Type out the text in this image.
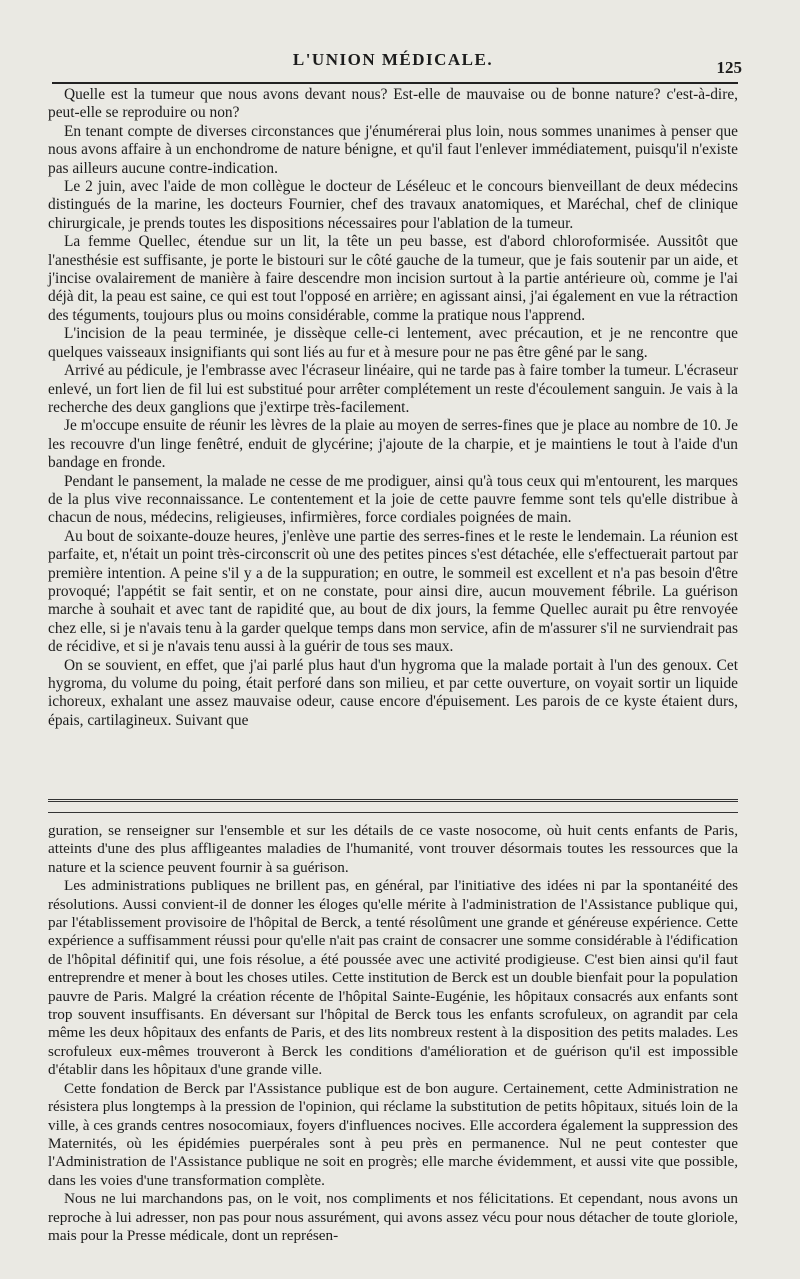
L'UNION MÉDICALE.	125

Quelle est la tumeur que nous avons devant nous? Est-elle de mauvaise ou de bonne nature? c'est-à-dire, peut-elle se reproduire ou non?

En tenant compte de diverses circonstances que j'énumérerai plus loin, nous sommes unanimes à penser que nous avons affaire à un enchondrome de nature bénigne, et qu'il faut l'enlever immédiatement, puisqu'il n'existe pas ailleurs aucune contre-indication.

Le 2 juin, avec l'aide de mon collègue le docteur de Léséleuc et le concours bienveillant de deux médecins distingués de la marine, les docteurs Fournier, chef des travaux anatomiques, et Maréchal, chef de clinique chirurgicale, je prends toutes les dispositions nécessaires pour l'ablation de la tumeur.

La femme Quellec, étendue sur un lit, la tête un peu basse, est d'abord chloroformisée. Aussitôt que l'anesthésie est suffisante, je porte le bistouri sur le côté gauche de la tumeur, que je fais soutenir par un aide, et j'incise ovalairement de manière à faire descendre mon incision surtout à la partie antérieure où, comme je l'ai déjà dit, la peau est saine, ce qui est tout l'opposé en arrière; en agissant ainsi, j'ai également en vue la rétraction des téguments, toujours plus ou moins considérable, comme la pratique nous l'apprend.

L'incision de la peau terminée, je dissèque celle-ci lentement, avec précaution, et je ne rencontre que quelques vaisseaux insignifiants qui sont liés au fur et à mesure pour ne pas être gêné par le sang.

Arrivé au pédicule, je l'embrasse avec l'écraseur linéaire, qui ne tarde pas à faire tomber la tumeur. L'écraseur enlevé, un fort lien de fil lui est substitué pour arrêter complétement un reste d'écoulement sanguin. Je vais à la recherche des deux ganglions que j'extirpe très-facilement.

Je m'occupe ensuite de réunir les lèvres de la plaie au moyen de serres-fines que je place au nombre de 10. Je les recouvre d'un linge fenêtré, enduit de glycérine; j'ajoute de la charpie, et je maintiens le tout à l'aide d'un bandage en fronde.

Pendant le pansement, la malade ne cesse de me prodiguer, ainsi qu'à tous ceux qui m'entourent, les marques de la plus vive reconnaissance. Le contentement et la joie de cette pauvre femme sont tels qu'elle distribue à chacun de nous, médecins, religieuses, infirmières, force cordiales poignées de main.

Au bout de soixante-douze heures, j'enlève une partie des serres-fines et le reste le lendemain. La réunion est parfaite, et, n'était un point très-circonscrit où une des petites pinces s'est détachée, elle s'effectuerait partout par première intention. A peine s'il y a de la suppuration; en outre, le sommeil est excellent et n'a pas besoin d'être provoqué; l'appétit se fait sentir, et on ne constate, pour ainsi dire, aucun mouvement fébrile. La guérison marche à souhait et avec tant de rapidité que, au bout de dix jours, la femme Quellec aurait pu être renvoyée chez elle, si je n'avais tenu à la garder quelque temps dans mon service, afin de m'assurer s'il ne surviendrait pas de récidive, et si je n'avais tenu aussi à la guérir de tous ses maux.

On se souvient, en effet, que j'ai parlé plus haut d'un hygroma que la malade portait à l'un des genoux. Cet hygroma, du volume du poing, était perforé dans son milieu, et par cette ouverture, on voyait sortir un liquide ichoreux, exhalant une assez mauvaise odeur, cause encore d'épuisement. Les parois de ce kyste étaient durs, épais, cartilagineux. Suivant que

guration, se renseigner sur l'ensemble et sur les détails de ce vaste nosocome, où huit cents enfants de Paris, atteints d'une des plus affligeantes maladies de l'humanité, vont trouver désormais toutes les ressources que la nature et la science peuvent fournir à sa guérison.

Les administrations publiques ne brillent pas, en général, par l'initiative des idées ni par la spontanéité des résolutions. Aussi convient-il de donner les éloges qu'elle mérite à l'administration de l'Assistance publique qui, par l'établissement provisoire de l'hôpital de Berck, a tenté résolûment une grande et généreuse expérience. Cette expérience a suffisamment réussi pour qu'elle n'ait pas craint de consacrer une somme considérable à l'édification de l'hôpital définitif qui, une fois résolue, a été poussée avec une activité prodigieuse. C'est bien ainsi qu'il faut entreprendre et mener à bout les choses utiles. Cette institution de Berck est un double bienfait pour la population pauvre de Paris. Malgré la création récente de l'hôpital Sainte-Eugénie, les hôpitaux consacrés aux enfants sont trop souvent insuffisants. En déversant sur l'hôpital de Berck tous les enfants scrofuleux, on agrandit par cela même les deux hôpitaux des enfants de Paris, et des lits nombreux restent à la disposition des petits malades. Les scrofuleux eux-mêmes trouveront à Berck les conditions d'amélioration et de guérison qu'il est impossible d'établir dans les hôpitaux d'une grande ville.

Cette fondation de Berck par l'Assistance publique est de bon augure. Certainement, cette Administration ne résistera plus longtemps à la pression de l'opinion, qui réclame la substitution de petits hôpitaux, situés loin de la ville, à ces grands centres nosocomiaux, foyers d'influences nocives. Elle accordera également la suppression des Maternités, où les épidémies puerpérales sont à peu près en permanence. Nul ne peut contester que l'Administration de l'Assistance publique ne soit en progrès; elle marche évidemment, et aussi vite que possible, dans les voies d'une transformation complète.

Nous ne lui marchandons pas, on le voit, nos compliments et nos félicitations. Et cependant, nous avons un reproche à lui adresser, non pas pour nous assurément, qui avons assez vécu pour nous détacher de toute gloriole, mais pour la Presse médicale, dont un représen-
